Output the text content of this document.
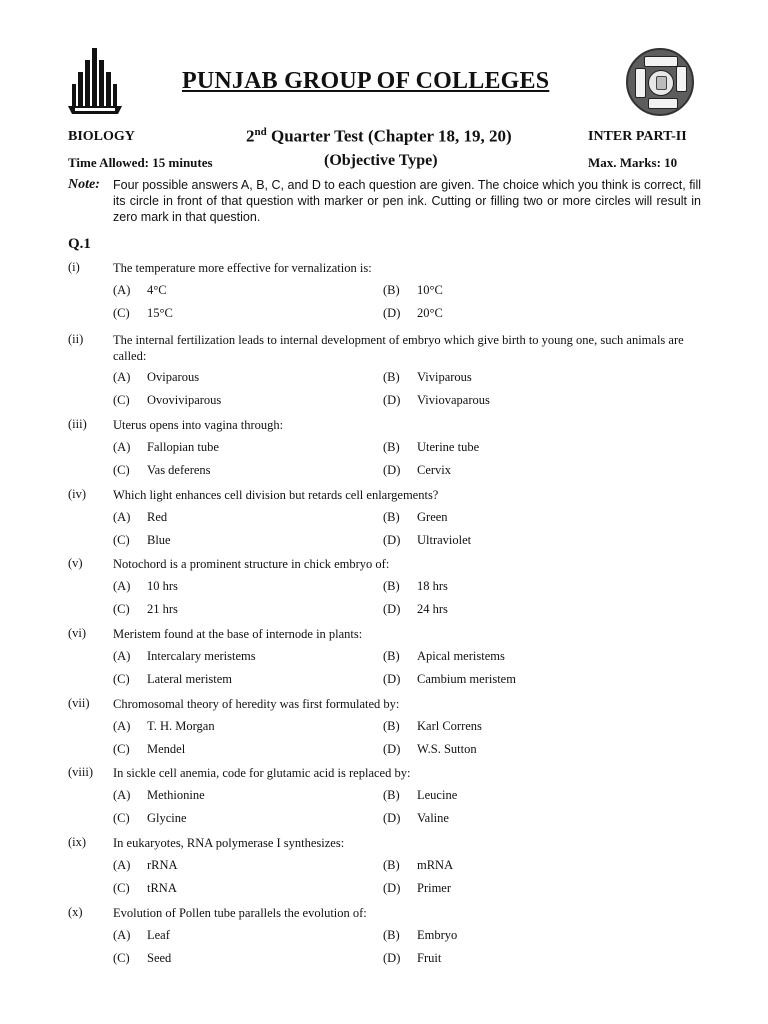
PUNJAB GROUP OF COLLEGES
BIOLOGY	2nd Quarter Test (Chapter 18, 19, 20)	INTER PART-II
Time Allowed: 15 minutes	(Objective Type)	Max. Marks: 10
Note: Four possible answers A, B, C, and D to each question are given. The choice which you think is correct, fill its circle in front of that question with marker or pen ink. Cutting or filling two or more circles will result in zero mark in that question.
Q.1
(i)	The temperature more effective for vernalization is:
(A) 4°C	(B) 10°C
(C) 15°C	(D) 20°C
(ii) The internal fertilization leads to internal development of embryo which give birth to young one, such animals are called:
(A) Oviparous	(B) Viviparous
(C) Ovoviviparous	(D) Viviovaparous
(iii) Uterus opens into vagina through:
(A) Fallopian tube	(B) Uterine tube
(C) Vas deferens	(D) Cervix
(iv) Which light enhances cell division but retards cell enlargements?
(A) Red	(B) Green
(C) Blue	(D) Ultraviolet
(v) Notochord is a prominent structure in chick embryo of:
(A) 10 hrs	(B) 18 hrs
(C) 21 hrs	(D) 24 hrs
(vi) Meristem found at the base of internode in plants:
(A) Intercalary meristems	(B) Apical meristems
(C) Lateral meristem	(D) Cambium meristem
(vii) Chromosomal theory of heredity was first formulated by:
(A) T. H. Morgan	(B) Karl Correns
(C) Mendel	(D) W.S. Sutton
(viii) In sickle cell anemia, code for glutamic acid is replaced by:
(A) Methionine	(B) Leucine
(C) Glycine	(D) Valine
(ix) In eukaryotes, RNA polymerase I synthesizes:
(A) rRNA	(B) mRNA
(C) tRNA	(D) Primer
(x) Evolution of Pollen tube parallels the evolution of:
(A) Leaf	(B) Embryo
(C) Seed	(D) Fruit
